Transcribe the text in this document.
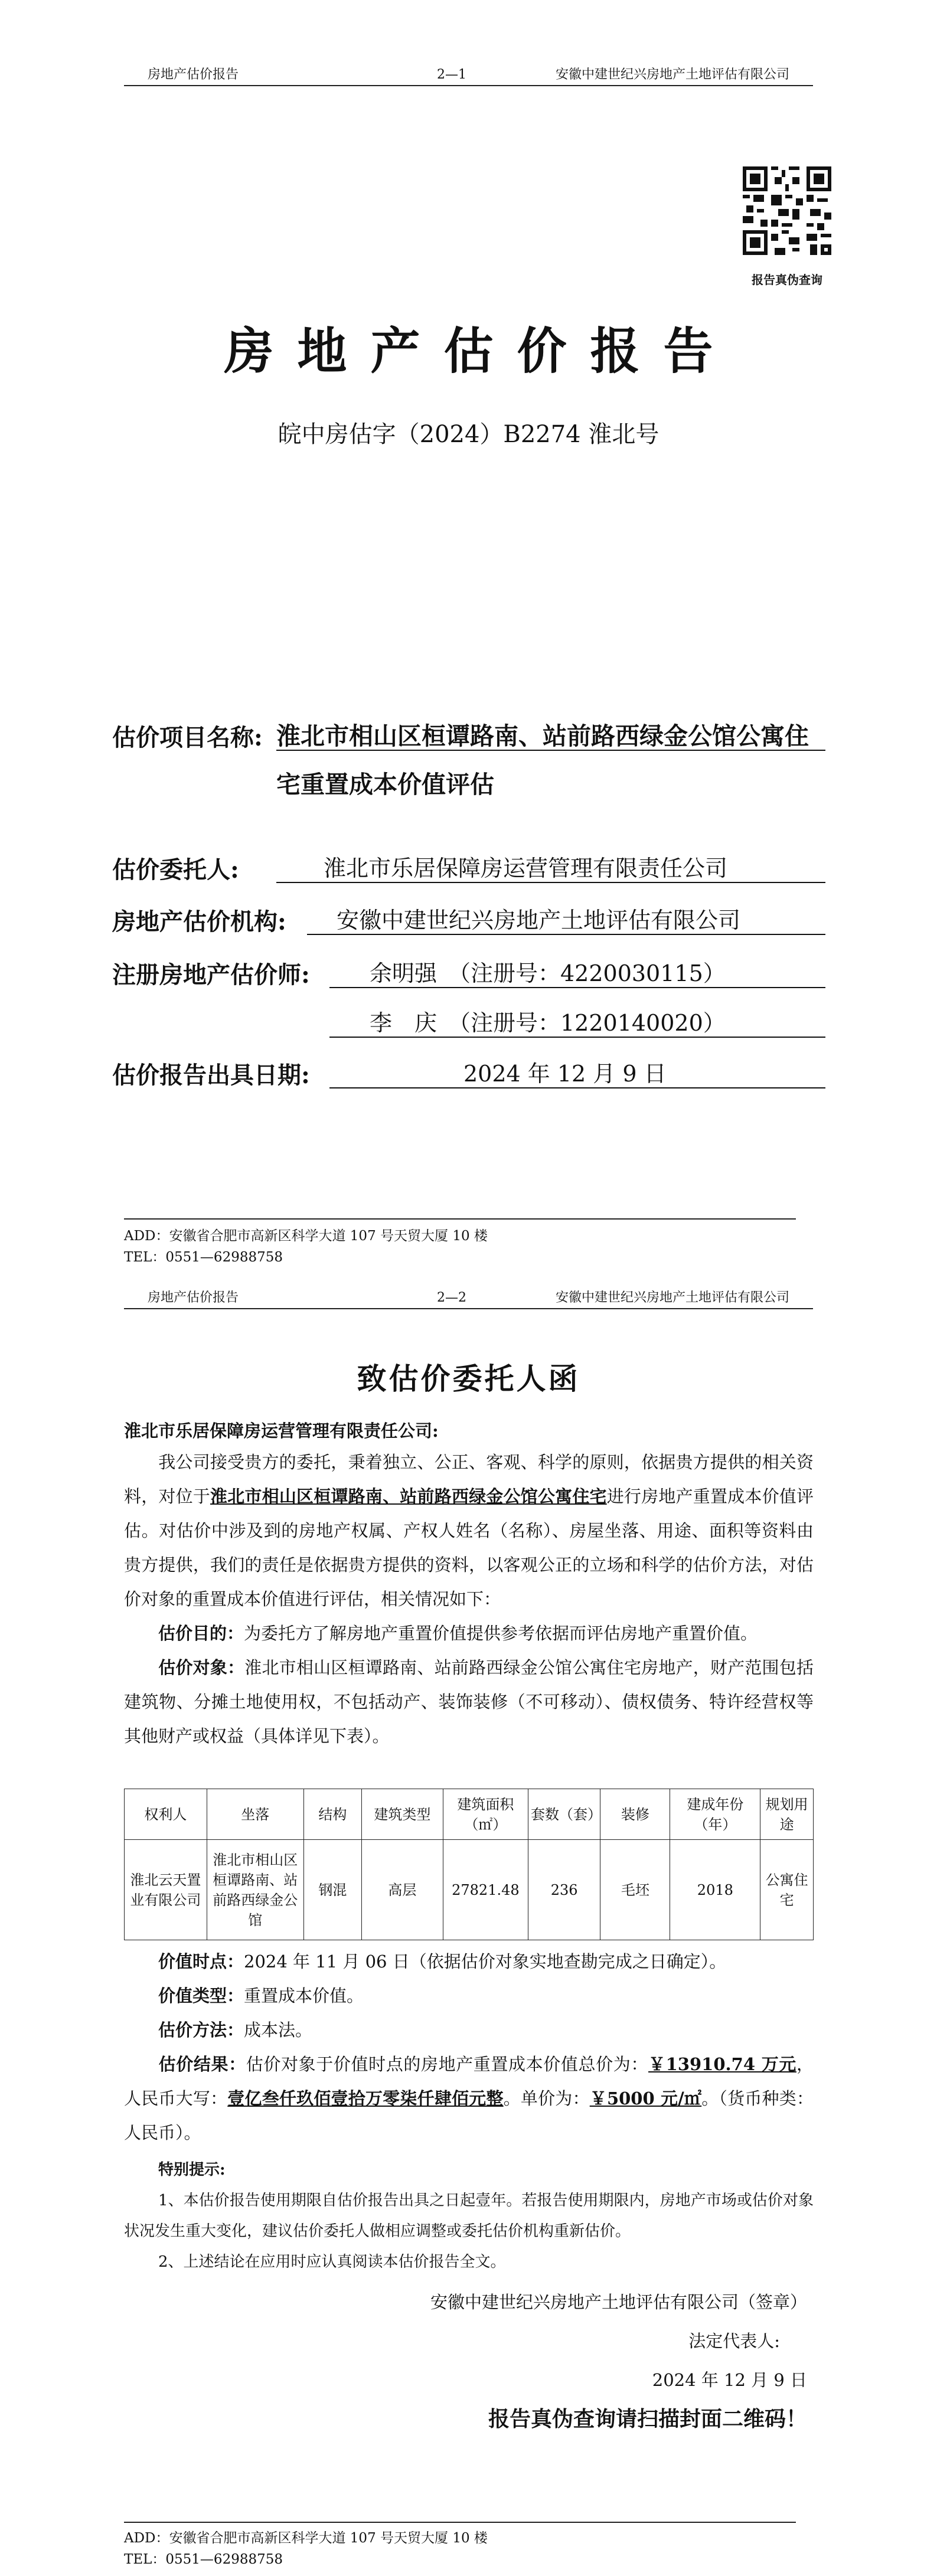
房地产估价报告	2—1	安徽中建世纪兴房地产土地评估有限公司
报告真伪查询
房地产估价报告
皖中房估字（2024）B2274 淮北号
估价项目名称: 淮北市相山区桓谭路南、站前路西绿金公馆公寓住
宅重置成本价值评估
估价委托人:	淮北市乐居保障房运营管理有限责任公司
房地产估价机构: 安徽中建世纪兴房地产土地评估有限公司
注册房地产估价师:	余明强　（注册号：4220030115）
李　庆　（注册号：1220140020）
估价报告出具日期:	2024 年 12 月 9 日
ADD：安徽省合肥市高新区科学大道 107 号天贸大厦 10 楼
TEL：0551—62988758
房地产估价报告	2—2	安徽中建世纪兴房地产土地评估有限公司
致估价委托人函
淮北市乐居保障房运营管理有限责任公司:
我公司接受贵方的委托，秉着独立、公正、客观、科学的原则，依据贵方提供的相关资料，对位于淮北市相山区桓谭路南、站前路西绿金公馆公寓住宅进行房地产重置成本价值评估。对估价中涉及到的房地产权属、产权人姓名（名称）、房屋坐落、用途、面积等资料由贵方提供，我们的责任是依据贵方提供的资料，以客观公正的立场和科学的估价方法，对估价对象的重置成本价值进行评估，相关情况如下：
估价目的：为委托方了解房地产重置价值提供参考依据而评估房地产重置价值。
估价对象：淮北市相山区桓谭路南、站前路西绿金公馆公寓住宅房地产，财产范围包括建筑物、分摊土地使用权，不包括动产、装饰装修（不可移动）、债权债务、特许经营权等其他财产或权益（具体详见下表）。
权利人	坐落	结构	建筑类型	建筑面积（㎡）	套数（套）	装修	建成年份（年）	规划用途
淮北云天置业有限公司	淮北市相山区桓谭路南、站前路西绿金公馆	钢混	高层	27821.48	236	毛坯	2018	公寓住宅
价值时点：2024 年 11 月 06 日（依据估价对象实地查勘完成之日确定）。
价值类型：重置成本价值。
估价方法：成本法。
估价结果：估价对象于价值时点的房地产重置成本价值总价为：￥13910.74 万元，人民币大写：壹亿叁仟玖佰壹拾万零柒仟肆佰元整。单价为：￥5000 元/㎡。（货币种类：人民币）。
特别提示:
1、本估价报告使用期限自估价报告出具之日起壹年。若报告使用期限内，房地产市场或估价对象状况发生重大变化，建议估价委托人做相应调整或委托估价机构重新估价。
2、上述结论在应用时应认真阅读本估价报告全文。
安徽中建世纪兴房地产土地评估有限公司（签章）
法定代表人:
2024 年 12 月 9 日
报告真伪查询请扫描封面二维码！
ADD：安徽省合肥市高新区科学大道 107 号天贸大厦 10 楼
TEL：0551—62988758
